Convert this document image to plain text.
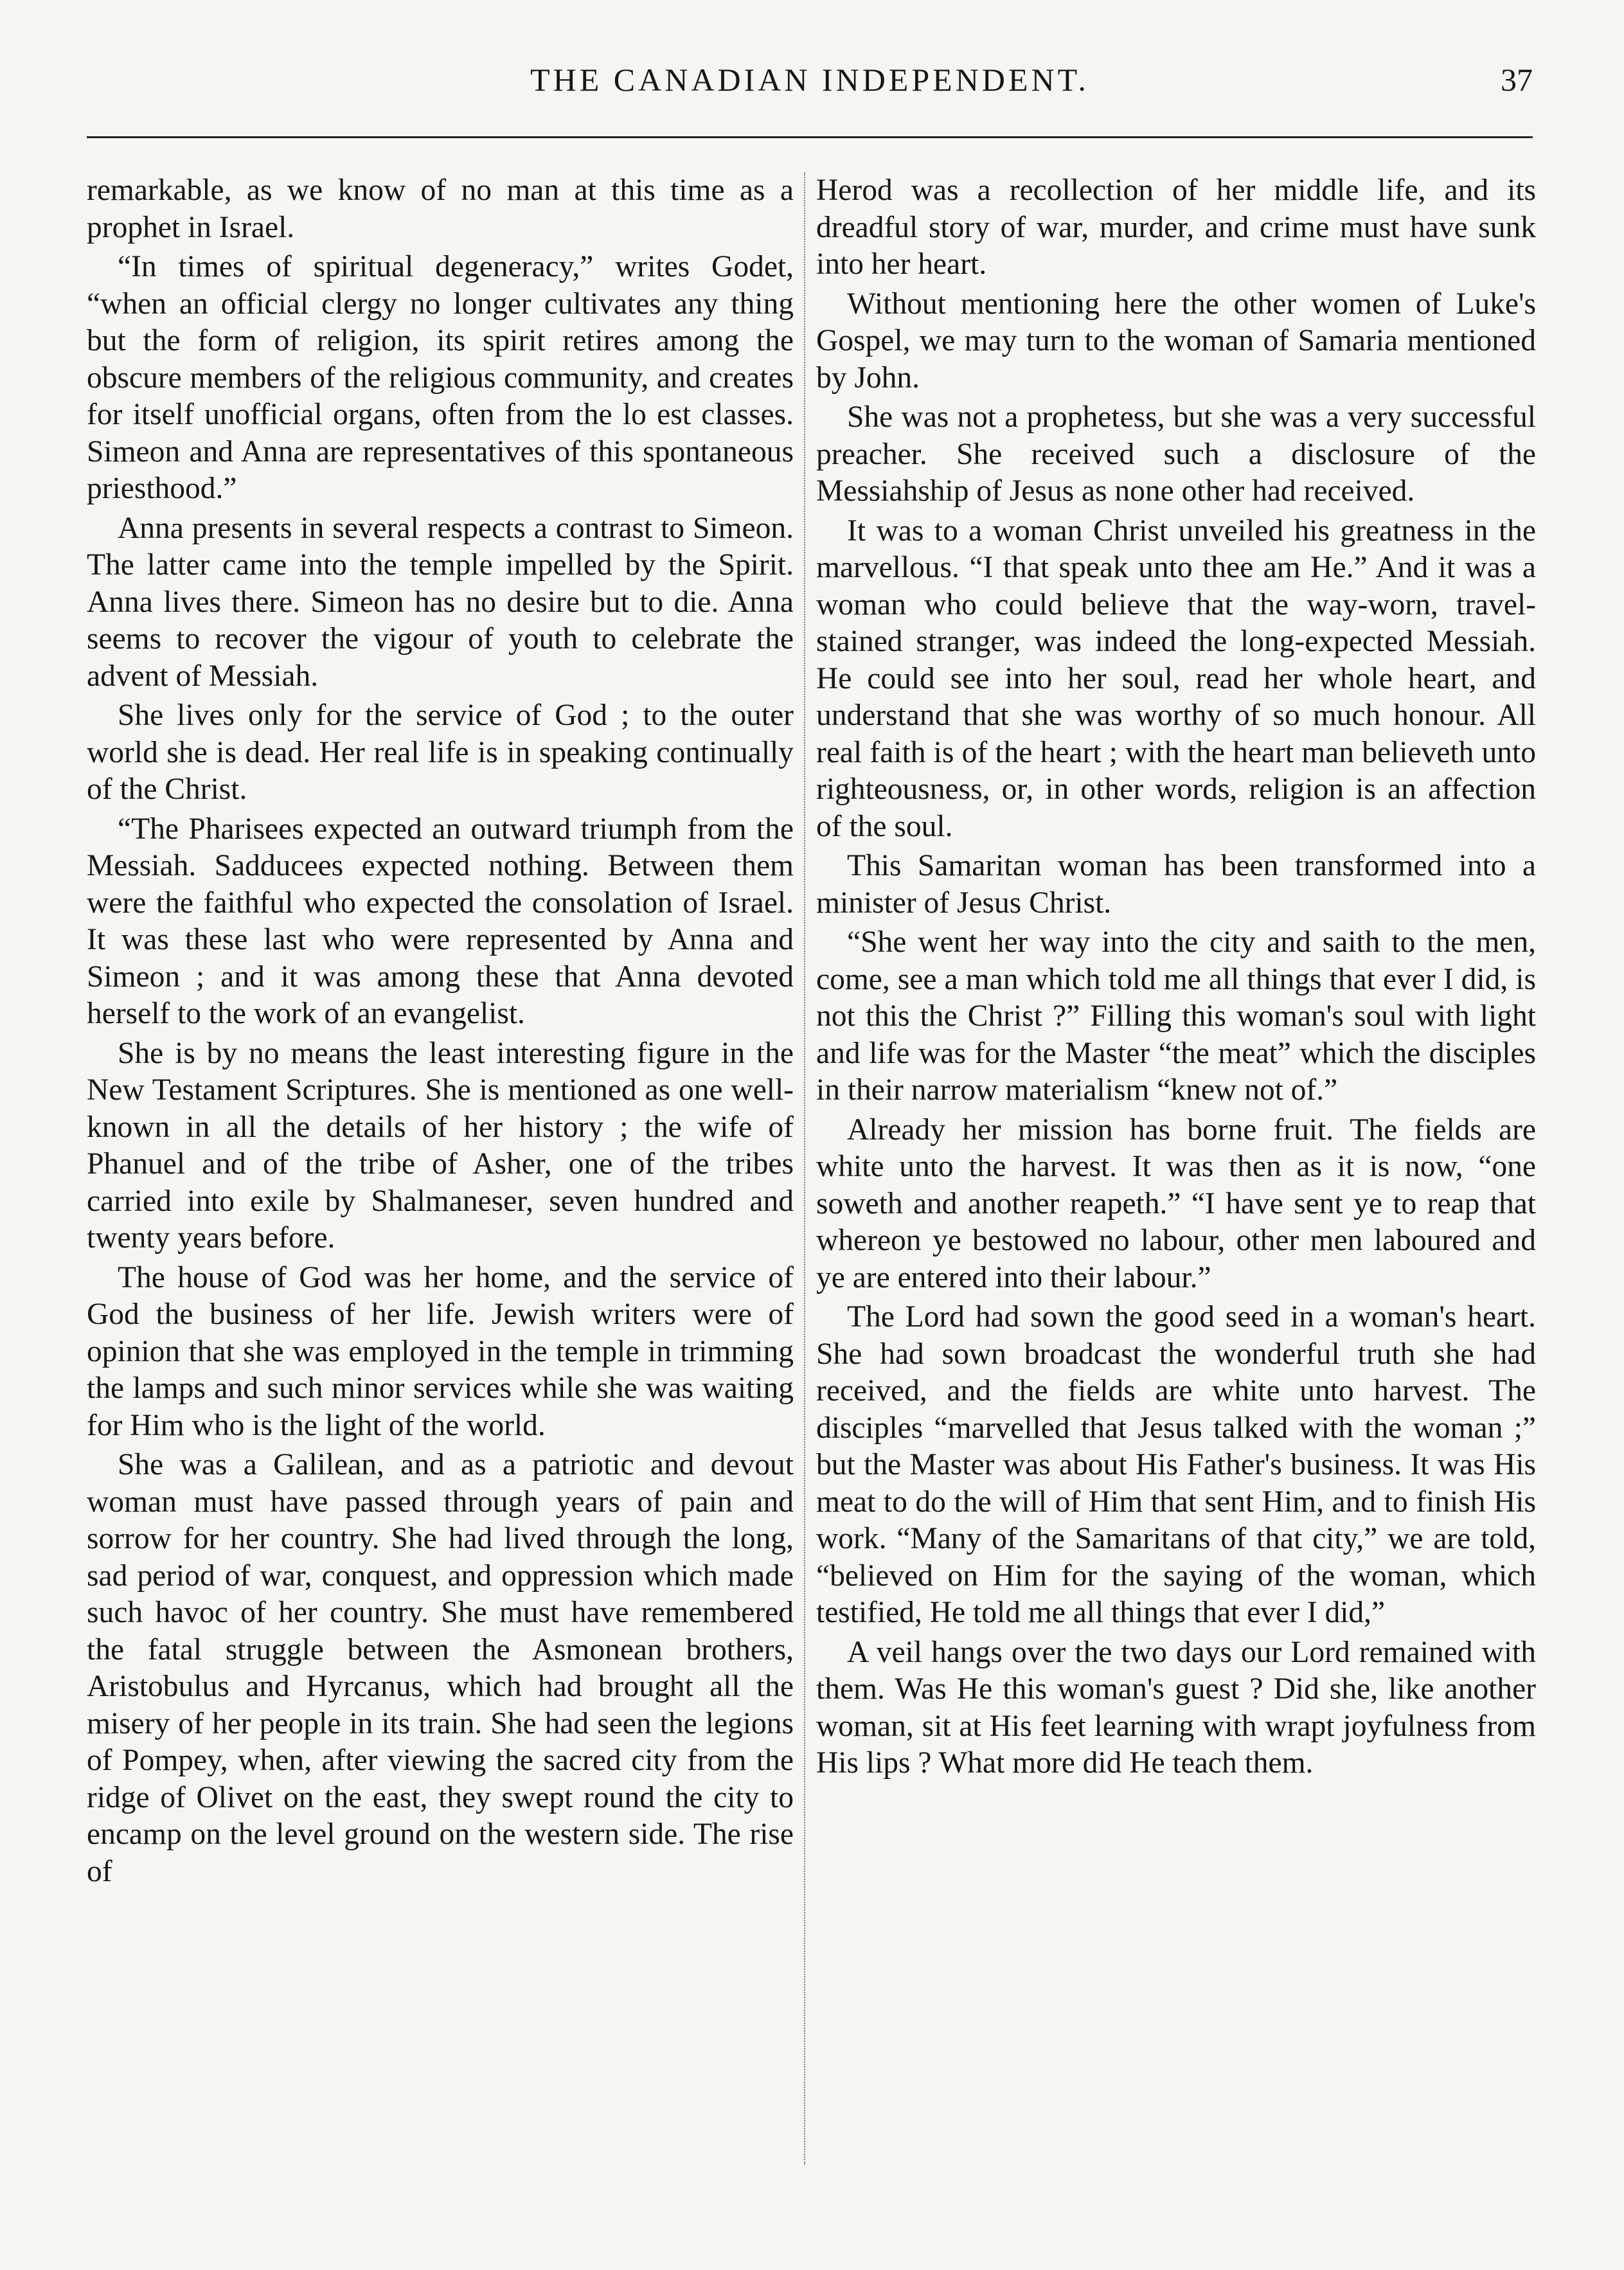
THE CANADIAN INDEPENDENT.	37

remarkable, as we know of no man at this time as a prophet in Israel.

“In times of spiritual degeneracy,” writes Godet, “when an official clergy no longer cultivates any thing but the form of religion, its spirit retires among the obscure members of the religious community, and creates for itself unofficial organs, often from the lo est classes. Simeon and Anna are representatives of this spontaneous priesthood.”

Anna presents in several respects a contrast to Simeon. The latter came into the temple impelled by the Spirit. Anna lives there. Simeon has no desire but to die. Anna seems to recover the vigour of youth to celebrate the advent of Messiah.

She lives only for the service of God ; to the outer world she is dead. Her real life is in speaking continually of the Christ.

“The Pharisees expected an outward triumph from the Messiah. Sadducees expected nothing. Between them were the faithful who expected the consolation of Israel. It was these last who were represented by Anna and Simeon ; and it was among these that Anna devoted herself to the work of an evangelist.

She is by no means the least interesting figure in the New Testament Scriptures. She is mentioned as one well-known in all the details of her history ; the wife of Phanuel and of the tribe of Asher, one of the tribes carried into exile by Shalmaneser, seven hundred and twenty years before.

The house of God was her home, and the service of God the business of her life. Jewish writers were of opinion that she was employed in the temple in trimming the lamps and such minor services while she was waiting for Him who is the light of the world.

She was a Galilean, and as a patriotic and devout woman must have passed through years of pain and sorrow for her country. She had lived through the long, sad period of war, conquest, and oppression which made such havoc of her country. She must have remembered the fatal struggle between the Asmonean brothers, Aristobulus and Hyrcanus, which had brought all the misery of her people in its train. She had seen the legions of Pompey, when, after viewing the sacred city from the ridge of Olivet on the east, they swept round the city to encamp on the level ground on the western side. The rise of

Herod was a recollection of her middle life, and its dreadful story of war, murder, and crime must have sunk into her heart.

Without mentioning here the other women of Luke's Gospel, we may turn to the woman of Samaria mentioned by John.

She was not a prophetess, but she was a very successful preacher. She received such a disclosure of the Messiahship of Jesus as none other had received.

It was to a woman Christ unveiled his greatness in the marvellous. “I that speak unto thee am He.” And it was a woman who could believe that the way-worn, travel-stained stranger, was indeed the long-expected Messiah. He could see into her soul, read her whole heart, and understand that she was worthy of so much honour. All real faith is of the heart ; with the heart man believeth unto righteousness, or, in other words, religion is an affection of the soul.

This Samaritan woman has been transformed into a minister of Jesus Christ.

“She went her way into the city and saith to the men, come, see a man which told me all things that ever I did, is not this the Christ ?” Filling this woman's soul with light and life was for the Master “the meat” which the disciples in their narrow materialism “knew not of.”

Already her mission has borne fruit. The fields are white unto the harvest. It was then as it is now, “one soweth and another reapeth.” “I have sent ye to reap that whereon ye bestowed no labour, other men laboured and ye are entered into their labour.”

The Lord had sown the good seed in a woman's heart. She had sown broadcast the wonderful truth she had received, and the fields are white unto harvest. The disciples “marvelled that Jesus talked with the woman ;” but the Master was about His Father's business. It was His meat to do the will of Him that sent Him, and to finish His work. “Many of the Samaritans of that city,” we are told, “believed on Him for the saying of the woman, which testified, He told me all things that ever I did,”

A veil hangs over the two days our Lord remained with them. Was He this woman's guest ? Did she, like another woman, sit at His feet learning with wrapt joyfulness from His lips ? What more did He teach them.
